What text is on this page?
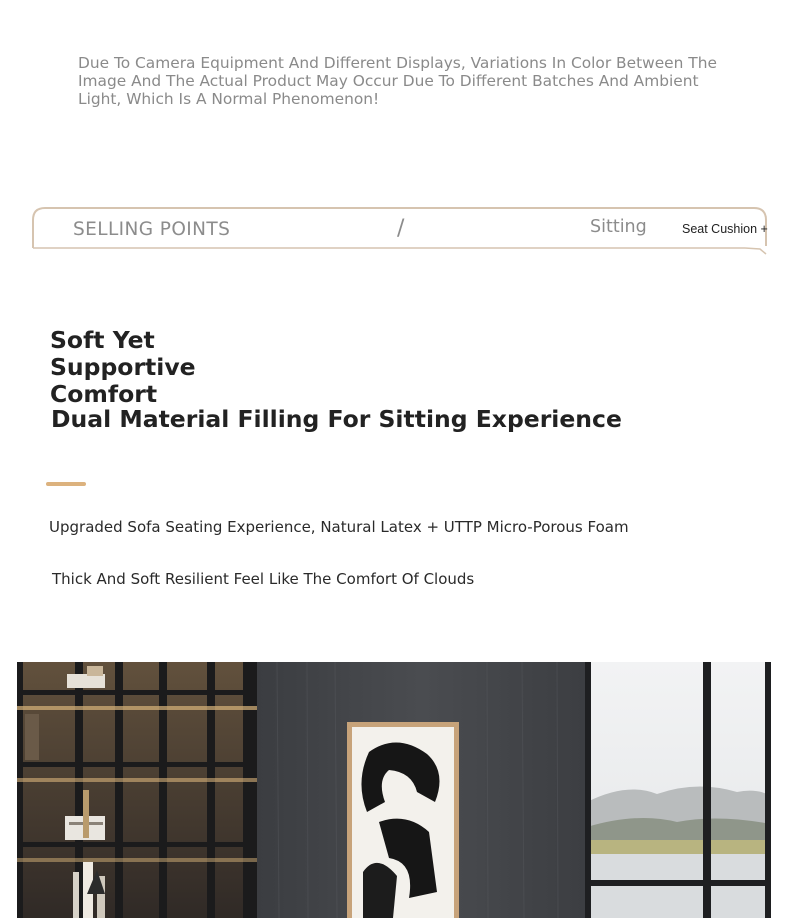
Due To Camera Equipment And Different Displays, Variations In Color Between The Image And The Actual Product May Occur Due To Different Batches And Ambient Light, Which Is A Normal Phenomenon!

SELLING POINTS	/	Sitting	Seat Cushion +
Soft Yet Supportive Comfort
Dual Material Filling For Sitting Experience

Upgraded Sofa Seating Experience, Natural Latex + UTTP Micro-Porous Foam

Thick And Soft Resilient Feel Like The Comfort Of Clouds
